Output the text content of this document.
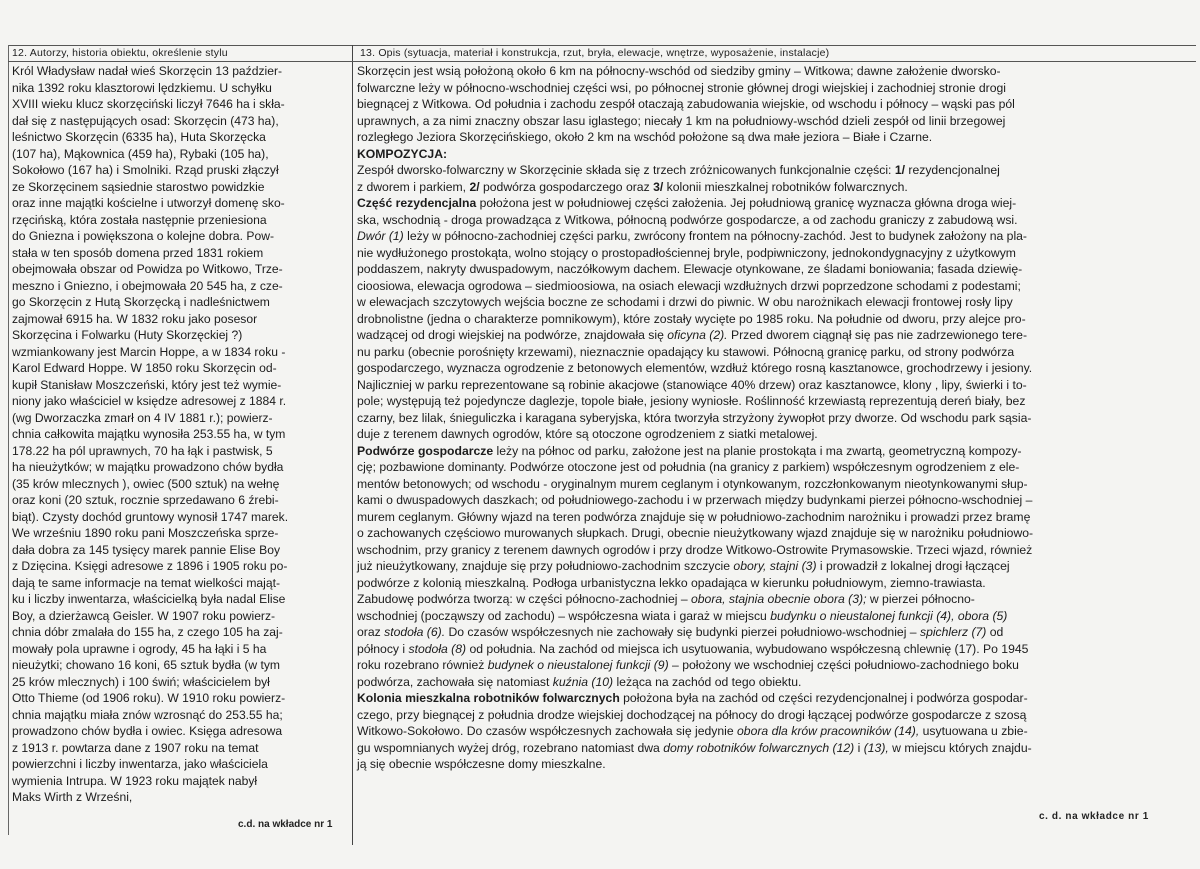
12. Autorzy, historia obiektu, określenie stylu	13. Opis (sytuacja, materiał i konstrukcja, rzut, bryła, elewacje, wnętrze, wyposażenie, instalacje)
Król Władysław nadał wieś Skorzęcin 13 paździer-
nika 1392 roku klasztorowi lędzkiemu. U schyłku
XVIII wieku klucz skorzęciński liczył 7646 ha i skła-
dał się z następujących osad: Skorzęcin (473 ha),
leśnictwo Skorzęcin (6335 ha), Huta Skorzęcka
(107 ha), Mąkownica (459 ha), Rybaki (105 ha),
Sokołowo (167 ha) i Smolniki. Rząd pruski złączył
ze Skorzęcinem sąsiednie starostwo powidzkie
oraz inne majątki kościelne i utworzył domenę sko-
rzęcińską, która została następnie przeniesiona
do Gniezna i powiększona o kolejne dobra. Pow-
stała w ten sposób domena przed 1831 rokiem
obejmowała obszar od Powidza po Witkowo, Trze-
meszno i Gniezno, i obejmowała 20 545 ha, z cze-
go Skorzęcin z Hutą Skorzęcką i nadleśnictwem
zajmował 6915 ha. W 1832 roku jako posesor
Skorzęcina i Folwarku (Huty Skorzęckiej ?)
wzmiankowany jest Marcin Hoppe, a w 1834 roku -
Karol Edward Hoppe. W 1850 roku Skorzęcin od-
kupił Stanisław Moszczeński, który jest też wymie-
niony jako właściciel w księdze adresowej z 1884 r.
(wg Dworzaczka zmarł on 4 IV 1881 r.); powierz-
chnia całkowita majątku wynosiła 253.55 ha, w tym
178.22 ha pól uprawnych, 70 ha łąk i pastwisk, 5
ha nieużytków; w majątku prowadzono chów bydła
(35 krów mlecznych ), owiec (500 sztuk) na wełnę
oraz koni (20 sztuk, rocznie sprzedawano 6 źrebi-
biąt). Czysty dochód gruntowy wynosił 1747 marek.
We wrześniu 1890 roku pani Moszczeńska sprze-
dała dobra za 145 tysięcy marek pannie Elise Boy
z Dzięcina. Księgi adresowe z 1896 i 1905 roku po-
dają te same informacje na temat wielkości mająt-
ku i liczby inwentarza, właścicielką była nadal Elise
Boy, a dzierżawcą Geisler. W 1907 roku powierz-
chnia dóbr zmalała do 155 ha, z czego 105 ha zaj-
mowały pola uprawne i ogrody, 45 ha łąki i 5 ha
nieużytki; chowano 16 koni, 65 sztuk bydła (w tym
25 krów mlecznych) i 100 świń; właścicielem był
Otto Thieme (od 1906 roku). W 1910 roku powierz-
chnia majątku miała znów wzrosnąć do 253.55 ha;
prowadzono chów bydła i owiec. Księga adresowa
z 1913 r. powtarza dane z 1907 roku na temat
powierzchni i liczby inwentarza, jako właściciela
wymienia Intrupa. W 1923 roku majątek nabył
Maks Wirth z Wrześni,
Skorzęcin jest wsią położoną około 6 km na północny-wschód od siedziby gminy – Witkowa; dawne założenie dworsko-
folwarczne leży w północno-wschodniej części wsi, po północnej stronie głównej drogi wiejskiej i zachodniej stronie drogi
biegnącej z Witkowa. Od południa i zachodu zespół otaczają zabudowania wiejskie, od wschodu i północy – wąski pas pól
uprawnych, a za nimi znaczny obszar lasu iglastego; niecały 1 km na południowy-wschód dzieli zespół od linii brzegowej
rozległego Jeziora Skorzęcińskiego, około 2 km na wschód położone są dwa małe jeziora – Białe i Czarne.
KOMPOZYCJA:
Zespół dworsko-folwarczny w Skorzęcinie składa się z trzech zróżnicowanych funkcjonalnie części: 1/ rezydencjonalnej
z dworem i parkiem, 2/ podwórza gospodarczego oraz 3/ kolonii mieszkalnej robotników folwarcznych.
Część rezydencjalna położona jest w południowej części założenia. Jej południową granicę wyznacza główna droga wiej-
ska, wschodnią - droga prowadząca z Witkowa, północną podwórze gospodarcze, a od zachodu graniczy z zabudową wsi.
Dwór (1) leży w północno-zachodniej części parku, zwrócony frontem na północny-zachód. Jest to budynek założony na pla-
nie wydłużonego prostokąta, wolno stojący o prostopadłościennej bryle, podpiwniczony, jednokondygnacyjny z użytkowym
poddaszem, nakryty dwuspadowym, naczółkowym dachem. Elewacje otynkowane, ze śladami boniowania; fasada dziewię-
cioosiowa, elewacja ogrodowa – siedmioosiowa, na osiach elewacji wzdłużnych drzwi poprzedzone schodami z podestami;
w elewacjach szczytowych wejścia boczne ze schodami i drzwi do piwnic. W obu narożnikach elewacji frontowej rosły lipy
drobnolistne (jedna o charakterze pomnikowym), które zostały wycięte po 1985 roku. Na południe od dworu, przy alejce pro-
wadzącej od drogi wiejskiej na podwórze, znajdowała się oficyna (2). Przed dworem ciągnął się pas nie zadrzewionego tere-
nu parku (obecnie porośnięty krzewami), nieznacznie opadający ku stawowi. Północną granicę parku, od strony podwórza
gospodarczego, wyznacza ogrodzenie z betonowych elementów, wzdłuż którego rosną kasztanowce, grochodrzewy i jesiony.
Najliczniej w parku reprezentowane są robinie akacjowe (stanowiące 40% drzew) oraz kasztanowce, klony , lipy, świerki i to-
pole; występują też pojedyncze daglezje, topole białe, jesiony wyniosłe. Roślinność krzewiastą reprezentują dereń biały, bez
czarny, bez lilak, śnieguliczka i karagana syberyjska, która tworzyła strzyżony żywopłot przy dworze. Od wschodu park sąsia-
duje z terenem dawnych ogrodów, które są otoczone ogrodzeniem z siatki metalowej.
Podwórze gospodarcze leży na północ od parku, założone jest na planie prostokąta i ma zwartą, geometryczną kompozy-
cję; pozbawione dominanty. Podwórze otoczone jest od południa (na granicy z parkiem) współczesnym ogrodzeniem z ele-
mentów betonowych; od wschodu - oryginalnym murem ceglanym i otynkowanym, rozczłonkowanym nieotynkowanymi słup-
kami o dwuspadowych daszkach; od południowego-zachodu i w przerwach między budynkami pierzei północno-wschodniej –
murem ceglanym. Główny wjazd na teren podwórza znajduje się w południowo-zachodnim narożniku i prowadzi przez bramę
o zachowanych częściowo murowanych słupkach. Drugi, obecnie nieużytkowany wjazd znajduje się w narożniku południowo-
wschodnim, przy granicy z terenem dawnych ogrodów i przy drodze Witkowo-Ostrowite Prymasowskie. Trzeci wjazd, również
już nieużytkowany, znajduje się przy południowo-zachodnim szczycie obory, stajni (3) i prowadził z lokalnej drogi łączącej
podwórze z kolonią mieszkalną. Podłoga urbanistyczna lekko opadająca w kierunku południowym, ziemno-trawiasta.
Zabudowę podwórza tworzą: w części północno-zachodniej – obora, stajnia obecnie obora (3); w pierzei północno-
wschodniej (począwszy od zachodu) – współczesna wiata i garaż w miejscu budynku o nieustalonej funkcji (4), obora (5)
oraz stodoła (6). Do czasów współczesnych nie zachowały się budynki pierzei południowo-wschodniej – spichlerz (7) od
północy i stodoła (8) od południa. Na zachód od miejsca ich usytuowania, wybudowano współczesną chlewnię (17). Po 1945
roku rozebrano również budynek o nieustalonej funkcji (9) – położony we wschodniej części południowo-zachodniego boku
podwórza, zachowała się natomiast kuźnia (10) leżąca na zachód od tego obiektu.
Kolonia mieszkalna robotników folwarcznych położona była na zachód od części rezydencjonalnej i podwórza gospodar-
czego, przy biegnącej z południa drodze wiejskiej dochodzącej na północy do drogi łączącej podwórze gospodarcze z szosą
Witkowo-Sokołowo. Do czasów współczesnych zachowała się jedynie obora dla krów pracowników (14), usytuowana u zbie-
gu wspomnianych wyżej dróg, rozebrano natomiast dwa domy robotników folwarcznych (12) i (13), w miejscu których znajdu-
ją się obecnie współczesne domy mieszkalne.
c.d. na wkładce nr 1
c. d. na wkładce nr 1
